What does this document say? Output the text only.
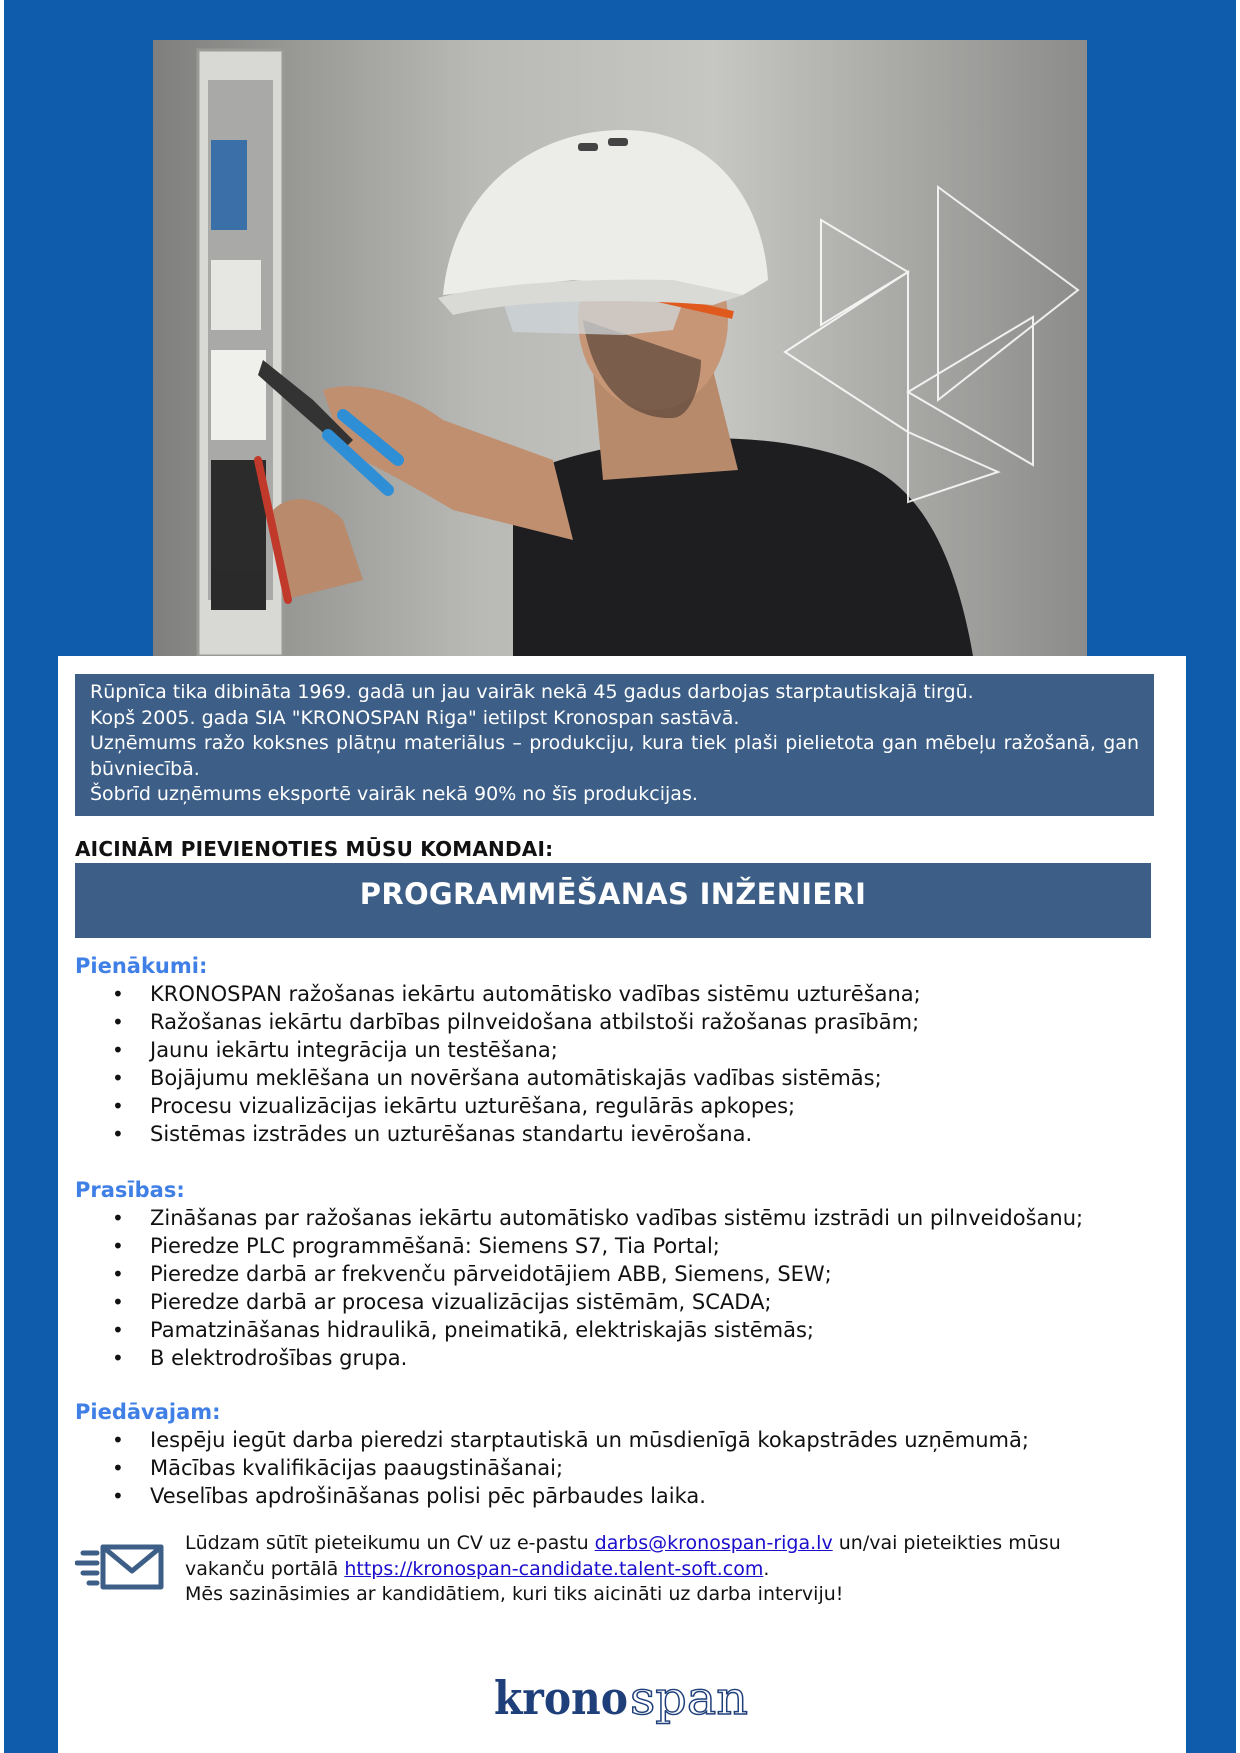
Rūpnīca tika dibināta 1969. gadā un jau vairāk nekā 45 gadus darbojas starptautiskajā tirgū.

Kopš 2005. gada SIA "KRONOSPAN Riga" ietilpst Kronospan sastāvā.

Uzņēmums ražo koksnes plātņu materiālus – produkciju, kura tiek plaši pielietota gan mēbeļu ražošanā, gan būvniecībā.

Šobrīd uzņēmums eksportē vairāk nekā 90% no šīs produkcijas.

AICINĀM PIEVIENOTIES MŪSU KOMANDAI:
PROGRAMMĒŠANAS INŽENIERI
Pienākumi:
• KRONOSPAN ražošanas iekārtu automātisko vadības sistēmu uzturēšana;
• Ražošanas iekārtu darbības pilnveidošana atbilstoši ražošanas prasībām;
• Jaunu iekārtu integrācija un testēšana;
• Bojājumu meklēšana un novēršana automātiskajās vadības sistēmās;
• Procesu vizualizācijas iekārtu uzturēšana, regulārās apkopes;
• Sistēmas izstrādes un uzturēšanas standartu ievērošana.
Prasības:
• Zināšanas par ražošanas iekārtu automātisko vadības sistēmu izstrādi un pilnveidošanu;
• Pieredze PLC programmēšanā: Siemens S7, Tia Portal;
• Pieredze darbā ar frekvenču pārveidotājiem ABB, Siemens, SEW;
• Pieredze darbā ar procesa vizualizācijas sistēmām, SCADA;
• Pamatzināšanas hidraulikā, pneimatikā, elektriskajās sistēmās;
• B elektrodrošības grupa.
Piedāvajam:
• Iespēju iegūt darba pieredzi starptautiskā un mūsdienīgā kokapstrādes uzņēmumā;
• Mācības kvalifikācijas paaugstināšanai;
• Veselības apdrošināšanas polisi pēc pārbaudes laika.
Lūdzam sūtīt pieteikumu un CV uz e-pastu darbs@kronospan-riga.lv un/vai pieteikties mūsu vakanču portālā https://kronospan-candidate.talent-soft.com.
Mēs sazināsimies ar kandidātiem, kuri tiks aicināti uz darba interviju!
krono span
